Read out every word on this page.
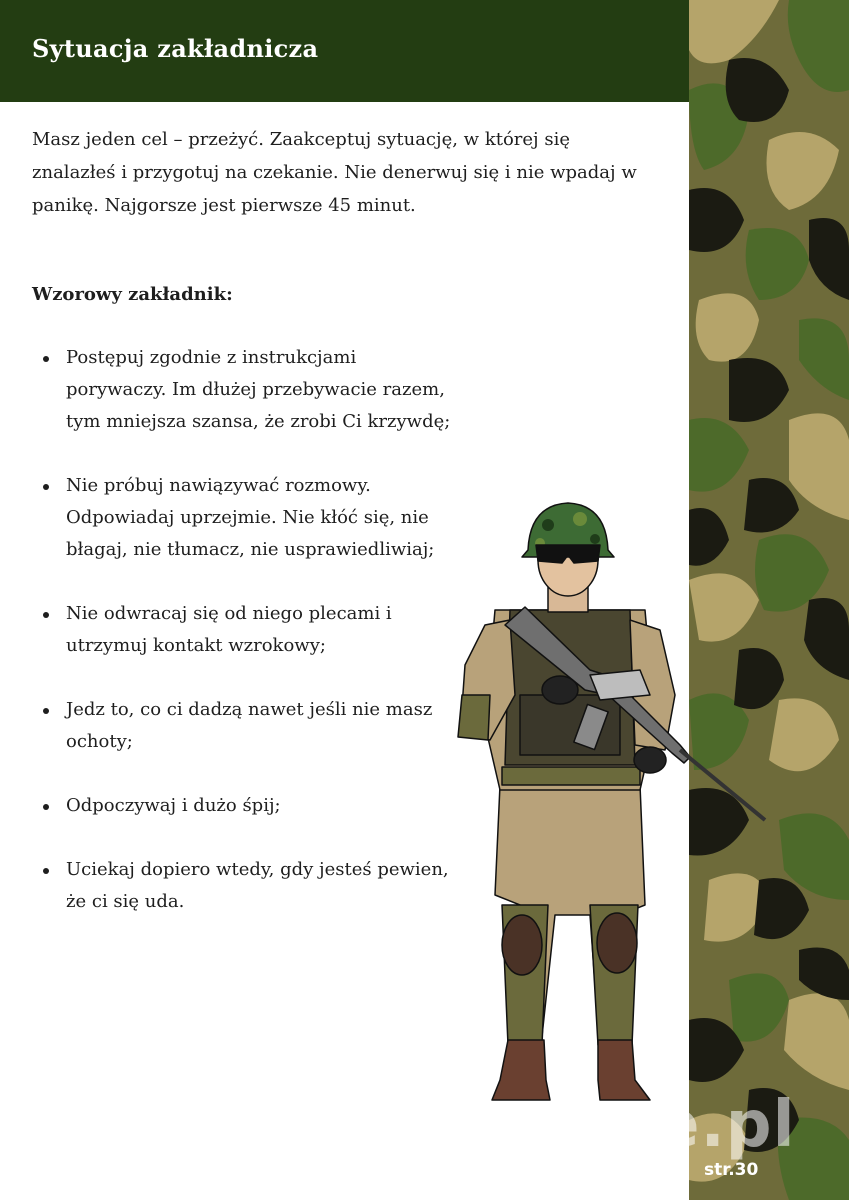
Sytuacja zakładnicza

Masz jeden cel – przeżyć. Zaakceptuj sytuację, w której się znalazłeś i przygotuj na czekanie. Nie denerwuj się i nie wpadaj w panikę. Najgorsze jest pierwsze 45 minut.

Wzorowy zakładnik:

Postępuj zgodnie z instrukcjami porywaczy. Im dłużej przebywacie razem, tym mniejsza szansa, że zrobi Ci krzywdę;
Nie próbuj nawiązywać rozmowy. Odpowiadaj uprzejmie. Nie kłóć się, nie błagaj, nie tłumacz, nie usprawiedliwiaj;
Nie odwracaj się od niego plecami i utrzymuj kontakt wzrokowy;
Jedz to, co ci dadzą nawet jeśli nie masz ochoty;
Odpoczywaj i dużo śpij;
Uciekaj dopiero wtedy, gdy jesteś pewien, że ci się uda.
wedlinydomowe.pl
str.30
